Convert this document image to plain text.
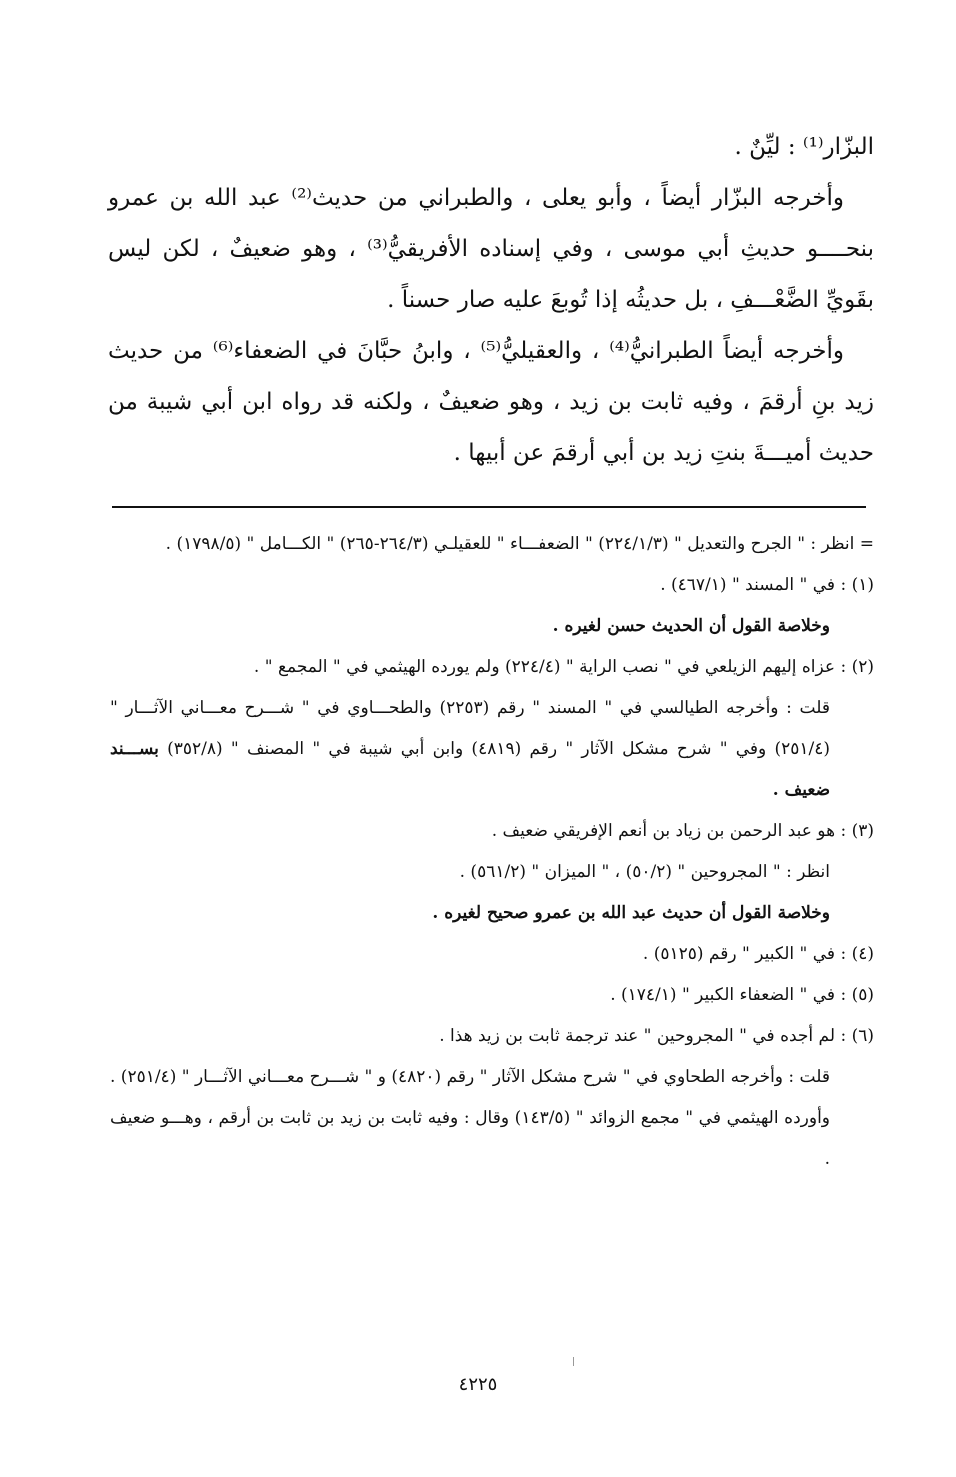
البزّار⁽¹⁾ : ليِّنٌ .

وأخرجه البزّار أيضاً ، وأبو يعلى ، والطبراني من حديث⁽²⁾ عبد الله بن عمرو بنحــــو حديثِ أبي موسى ، وفي إسناده الأفريقيُّ⁽³⁾ ، وهو ضعيفٌ ، لكن ليس بقَويِّ الضَّعْـــفِ ، بل حديثُه إذا تُوبعَ عليه صار حسناً .

وأخرجه أيضاً الطبرانيُّ⁽⁴⁾ ، والعقيليُّ⁽⁵⁾ ، وابنُ حبَّانَ في الضعفاء⁽⁶⁾ من حديث زيد بنِ أرقمَ ، وفيه ثابت بن زيد ، وهو ضعيفٌ ، ولكنه قد رواه ابن أبي شيبة من حديث أميـــةَ بنتِ زيد بن أبي أرقمَ عن أبيها .

= انظر : " الجرح والتعديل " (٢٢٤/١/٣) " الضعفـــاء " للعقيلـي (٢٦٤/٣-٢٦٥) " الكـــامل " (١٧٩٨/٥) .

(١) : في " المسند " (٤٦٧/١) .

وخلاصة القول أن الحديث حسن لغيره .

(٢) : عزاه إليهم الزيلعي في " نصب الراية " (٢٢٤/٤) ولم يورده الهيثمي في " المجمع " .

قلت : وأخرجه الطيالسي في " المسند " رقم (٢٢٥٣) والطحـــاوي في " شـــرح معـــاني الآثـــار " (٢٥١/٤) وفي " شرح مشكل الآثار " رقم (٤٨١٩) وابن أبي شيبة في " المصنف " (٣٥٢/٨) بســـند ضعيف .

(٣) : هو عبد الرحمن بن زياد بن أنعم الإفريقي ضعيف .

انظر : " المجروحين " (٥٠/٢) ، " الميزان " (٥٦١/٢) .

وخلاصة القول أن حديث عبد الله بن عمرو صحيح لغيره .

(٤) : في " الكبير " رقم (٥١٢٥) .

(٥) : في " الضعفاء الكبير " (١٧٤/١) .

(٦) : لم أجده في " المجروحين " عند ترجمة ثابت بن زيد هذا .

قلت : وأخرجه الطحاوي في " شرح مشكل الآثار " رقم (٤٨٢٠) و " شـــرح معـــاني الآثـــار " (٢٥١/٤) .

وأورده الهيثمي في " مجمع الزوائد " (١٤٣/٥) وقال : وفيه ثابت بن زيد بن ثابت بن أرقم ، وهـــو ضعيف .

٤٢٢٥
